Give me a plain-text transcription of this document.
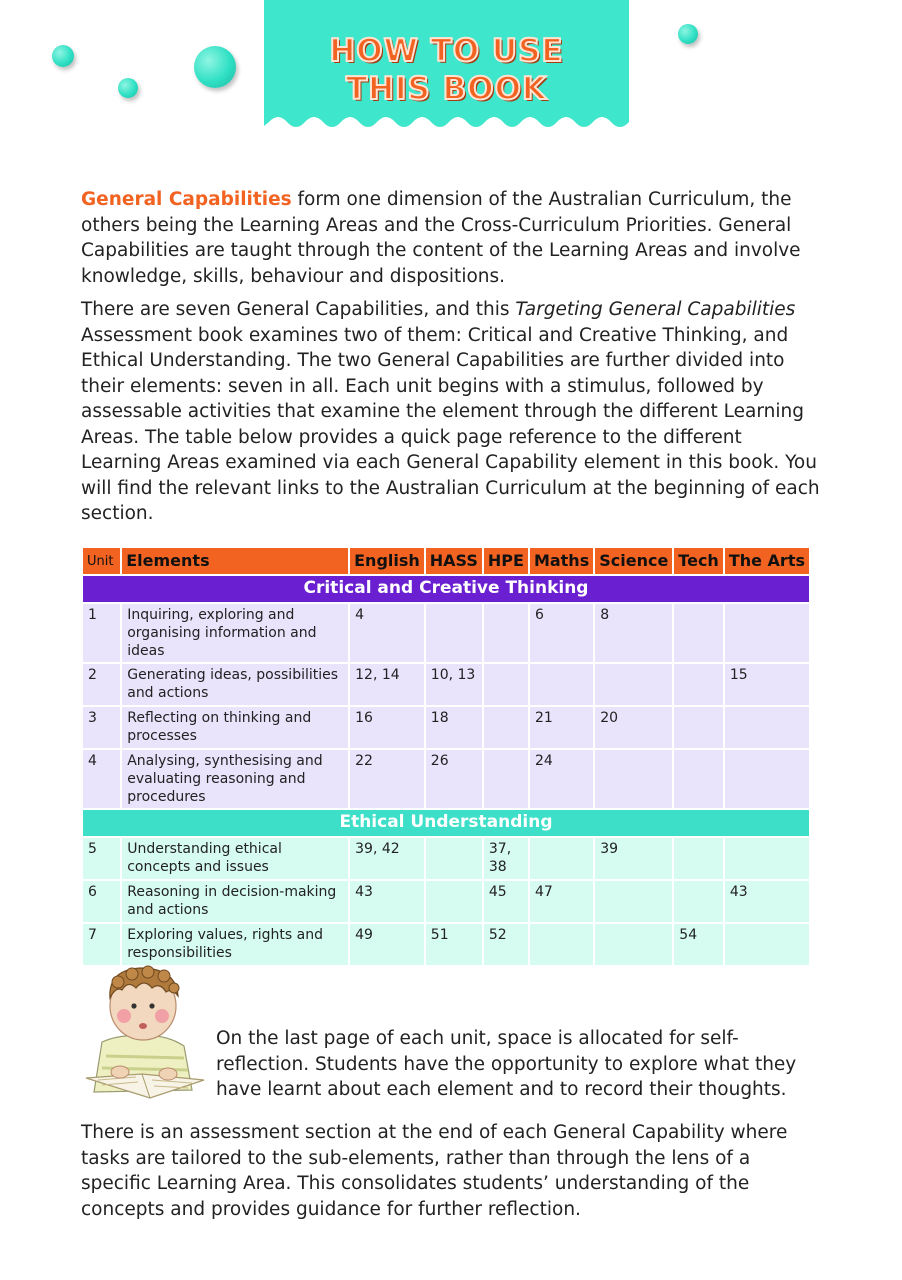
HOW TO USE
THIS BOOK

General Capabilities form one dimension of the Australian Curriculum, the others being the Learning Areas and the Cross-Curriculum Priorities. General Capabilities are taught through the content of the Learning Areas and involve knowledge, skills, behaviour and dispositions.

There are seven General Capabilities, and this Targeting General Capabilities Assessment book examines two of them: Critical and Creative Thinking, and Ethical Understanding. The two General Capabilities are further divided into their elements: seven in all. Each unit begins with a stimulus, followed by assessable activities that examine the element through the different Learning Areas. The table below provides a quick page reference to the different Learning Areas examined via each General Capability element in this book. You will find the relevant links to the Australian Curriculum at the beginning of each section.

Unit	Elements	English	HASS	HPE	Maths	Science	Tech	The Arts
Critical and Creative Thinking								
1	Inquiring, exploring and organising information and ideas	4			6	8		
2	Generating ideas, possibilities and actions	12, 14	10, 13					15
3	Reflecting on thinking and processes	16	18		21	20		
4	Analysing, synthesising and evaluating reasoning and procedures	22	26		24			
Ethical Understanding								
5	Understanding ethical concepts and issues	39, 42		37, 38		39		
6	Reasoning in decision-making and actions	43		45	47			43
7	Exploring values, rights and responsibilities	49	51	52			54	

On the last page of each unit, space is allocated for self-reflection. Students have the opportunity to explore what they have learnt about each element and to record their thoughts.

There is an assessment section at the end of each General Capability where tasks are tailored to the sub-elements, rather than through the lens of a specific Learning Area. This consolidates students’ understanding of the concepts and provides guidance for further reflection.
